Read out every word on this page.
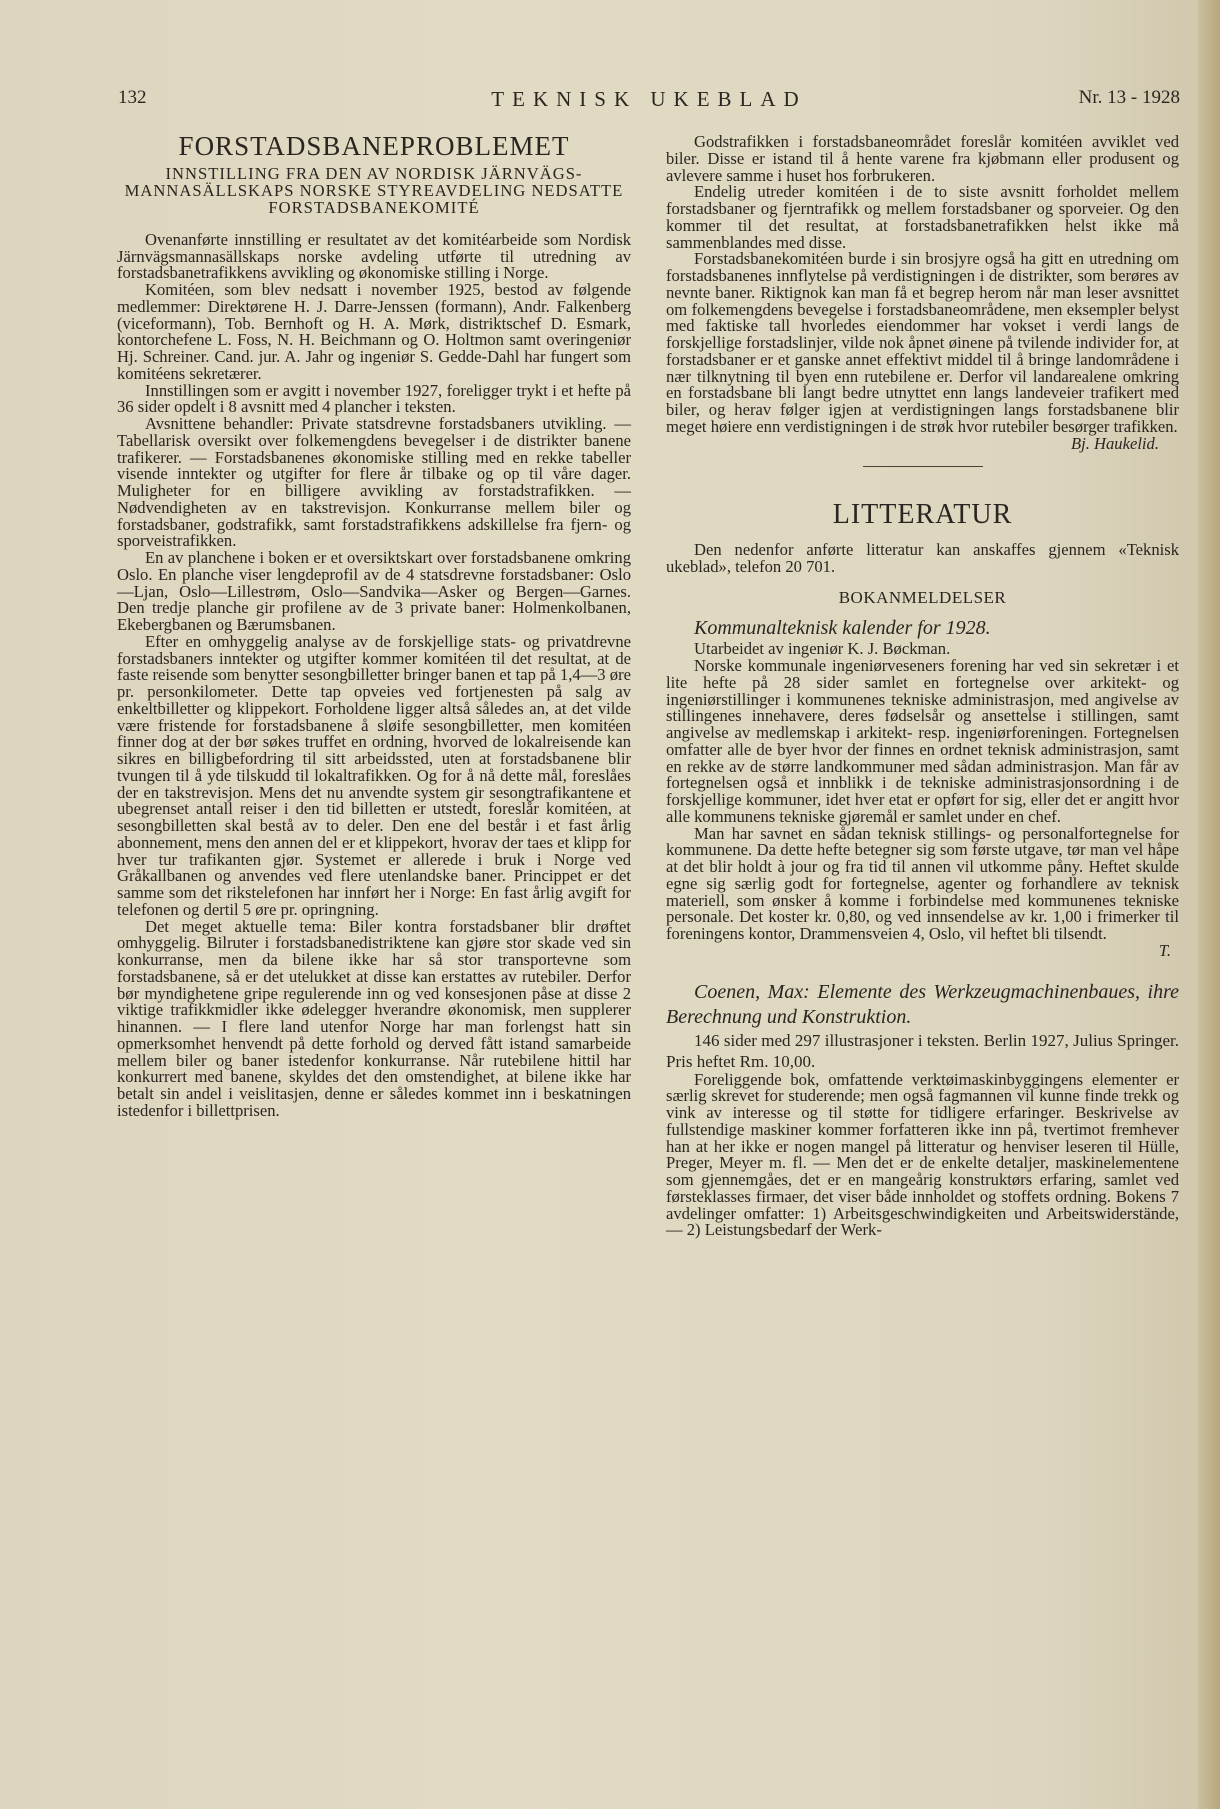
132	TEKNISK UKEBLAD	Nr. 13 - 1928
FORSTADSBANEPROBLEMET
INNSTILLING FRA DEN AV NORDISK JÄRNVÄGS-MANNASÄLLSKAPS NORSKE STYREAVDELING NEDSATTE FORSTADSBANEKOMITÉ

Ovenanførte innstilling er resultatet av det komitéarbeide som Nordisk Järnvägsmannasällskaps norske avdeling utførte til utredning av forstadsbanetrafikkens avvikling og økonomiske stilling i Norge.

Komitéen, som blev nedsatt i november 1925, bestod av følgende medlemmer: Direktørene H. J. Darre-Jenssen (formann), Andr. Falkenberg (viceformann), Tob. Bernhoft og H. A. Mørk, distriktschef D. Esmark, kontorchefene L. Foss, N. H. Beichmann og O. Holtmon samt overingeniør Hj. Schreiner. Cand. jur. A. Jahr og ingeniør S. Gedde-Dahl har fungert som komitéens sekretærer.

Innstillingen som er avgitt i november 1927, foreligger trykt i et hefte på 36 sider opdelt i 8 avsnitt med 4 plancher i teksten.

Avsnittene behandler: Private statsdrevne forstadsbaners utvikling. — Tabellarisk oversikt over folkemengdens bevegelser i de distrikter banene trafikerer. — Forstadsbanenes økonomiske stilling med en rekke tabeller visende inntekter og utgifter for flere år tilbake og op til våre dager. Muligheter for en billigere avvikling av forstadstrafikken. — Nødvendigheten av en takstrevisjon. Konkurranse mellem biler og forstadsbaner, godstrafikk, samt forstadstrafikkens adskillelse fra fjern- og sporveistrafikken.

En av planchene i boken er et oversiktskart over forstadsbanene omkring Oslo. En planche viser lengdeprofil av de 4 statsdrevne forstadsbaner: Oslo—Ljan, Oslo—Lillestrøm, Oslo—Sandvika—Asker og Bergen—Garnes. Den tredje planche gir profilene av de 3 private baner: Holmenkolbanen, Ekebergbanen og Bærumsbanen.

Efter en omhyggelig analyse av de forskjellige stats- og privatdrevne forstadsbaners inntekter og utgifter kommer komitéen til det resultat, at de faste reisende som benytter sesongbilletter bringer banen et tap på 1,4—3 øre pr. personkilometer. Dette tap opveies ved fortjenesten på salg av enkeltbilletter og klippekort. Forholdene ligger altså således an, at det vilde være fristende for forstadsbanene å sløife sesongbilletter, men komitéen finner dog at der bør søkes truffet en ordning, hvorved de lokalreisende kan sikres en billigbefordring til sitt arbeidssted, uten at forstadsbanene blir tvungen til å yde tilskudd til lokaltrafikken. Og for å nå dette mål, foreslåes der en takstrevisjon. Mens det nu anvendte system gir sesongtrafikantene et ubegrenset antall reiser i den tid billetten er utstedt, foreslår komitéen, at sesongbilletten skal bestå av to deler. Den ene del består i et fast årlig abonnement, mens den annen del er et klippekort, hvorav der taes et klipp for hver tur trafikanten gjør. Systemet er allerede i bruk i Norge ved Gråkallbanen og anvendes ved flere utenlandske baner. Princippet er det samme som det rikstelefonen har innført her i Norge: En fast årlig avgift for telefonen og dertil 5 øre pr. opringning.

Det meget aktuelle tema: Biler kontra forstadsbaner blir drøftet omhyggelig. Bilruter i forstadsbanedistriktene kan gjøre stor skade ved sin konkurranse, men da bilene ikke har så stor transportevne som forstadsbanene, så er det utelukket at disse kan erstattes av rutebiler. Derfor bør myndighetene gripe regulerende inn og ved konsesjonen påse at disse 2 viktige trafikkmidler ikke ødelegger hverandre økonomisk, men supplerer hinannen. — I flere land utenfor Norge har man forlengst hatt sin opmerksomhet henvendt på dette forhold og derved fått istand samarbeide mellem biler og baner istedenfor konkurranse. Når rutebilene hittil har konkurrert med banene, skyldes det den omstendighet, at bilene ikke har betalt sin andel i veislitasjen, denne er således kommet inn i beskatningen istedenfor i billettprisen.

Godstrafikken i forstadsbaneområdet foreslår komitéen avviklet ved biler. Disse er istand til å hente varene fra kjøbmann eller produsent og avlevere samme i huset hos forbrukeren.

Endelig utreder komitéen i de to siste avsnitt forholdet mellem forstadsbaner og fjerntrafikk og mellem forstadsbaner og sporveier. Og den kommer til det resultat, at forstadsbanetrafikken helst ikke må sammenblandes med disse.

Forstadsbanekomitéen burde i sin brosjyre også ha gitt en utredning om forstadsbanenes innflytelse på verdistigningen i de distrikter, som berøres av nevnte baner. Riktignok kan man få et begrep herom når man leser avsnittet om folkemengdens bevegelse i forstadsbaneområdene, men eksempler belyst med faktiske tall hvorledes eiendommer har vokset i verdi langs de forskjellige forstadslinjer, vilde nok åpnet øinene på tvilende individer for, at forstadsbaner er et ganske annet effektivt middel til å bringe landområdene i nær tilknytning til byen enn rutebilene er. Derfor vil landarealene omkring en forstadsbane bli langt bedre utnyttet enn langs landeveier trafikert med biler, og herav følger igjen at verdistigningen langs forstadsbanene blir meget høiere enn verdistigningen i de strøk hvor rutebiler besørger trafikken.

Bj. Haukelid.
LITTERATUR

Den nedenfor anførte litteratur kan anskaffes gjennem «Teknisk ukeblad», telefon 20 701.

BOKANMELDELSER

Kommunalteknisk kalender for 1928.

Utarbeidet av ingeniør K. J. Bøckman.

Norske kommunale ingeniørveseners forening har ved sin sekretær i et lite hefte på 28 sider samlet en fortegnelse over arkitekt- og ingeniørstillinger i kommunenes tekniske administrasjon, med angivelse av stillingenes innehavere, deres fødselsår og ansettelse i stillingen, samt angivelse av medlemskap i arkitekt- resp. ingeniørforeningen. Fortegnelsen omfatter alle de byer hvor der finnes en ordnet teknisk administrasjon, samt en rekke av de større landkommuner med sådan administrasjon. Man får av fortegnelsen også et innblikk i de tekniske administrasjonsordning i de forskjellige kommuner, idet hver etat er opført for sig, eller det er angitt hvor alle kommunens tekniske gjøremål er samlet under en chef.

Man har savnet en sådan teknisk stillings- og personalfortegnelse for kommunene. Da dette hefte betegner sig som første utgave, tør man vel håpe at det blir holdt à jour og fra tid til annen vil utkomme påny. Heftet skulde egne sig særlig godt for fortegnelse, agenter og forhandlere av teknisk materiell, som ønsker å komme i forbindelse med kommunenes tekniske personale. Det koster kr. 0,80, og ved innsendelse av kr. 1,00 i frimerker til foreningens kontor, Drammensveien 4, Oslo, vil heftet bli tilsendt.

T.

Coenen, Max: Elemente des Werkzeugmachinenbaues, ihre Berechnung und Konstruktion.

146 sider med 297 illustrasjoner i teksten. Berlin 1927, Julius Springer. Pris heftet Rm. 10,00.

Foreliggende bok, omfattende verktøimaskinbyggingens elementer er særlig skrevet for studerende; men også fagmannen vil kunne finde trekk og vink av interesse og til støtte for tidligere erfaringer. Beskrivelse av fullstendige maskiner kommer forfatteren ikke inn på, tvertimot fremhever han at her ikke er nogen mangel på litteratur og henviser leseren til Hülle, Preger, Meyer m. fl. — Men det er de enkelte detaljer, maskinelementene som gjennemgåes, det er en mangeårig konstruktørs erfaring, samlet ved førsteklasses firmaer, det viser både innholdet og stoffets ordning. Bokens 7 avdelinger omfatter: 1) Arbeitsgeschwindigkeiten und Arbeitswiderstände, — 2) Leistungsbedarf der Werk-
